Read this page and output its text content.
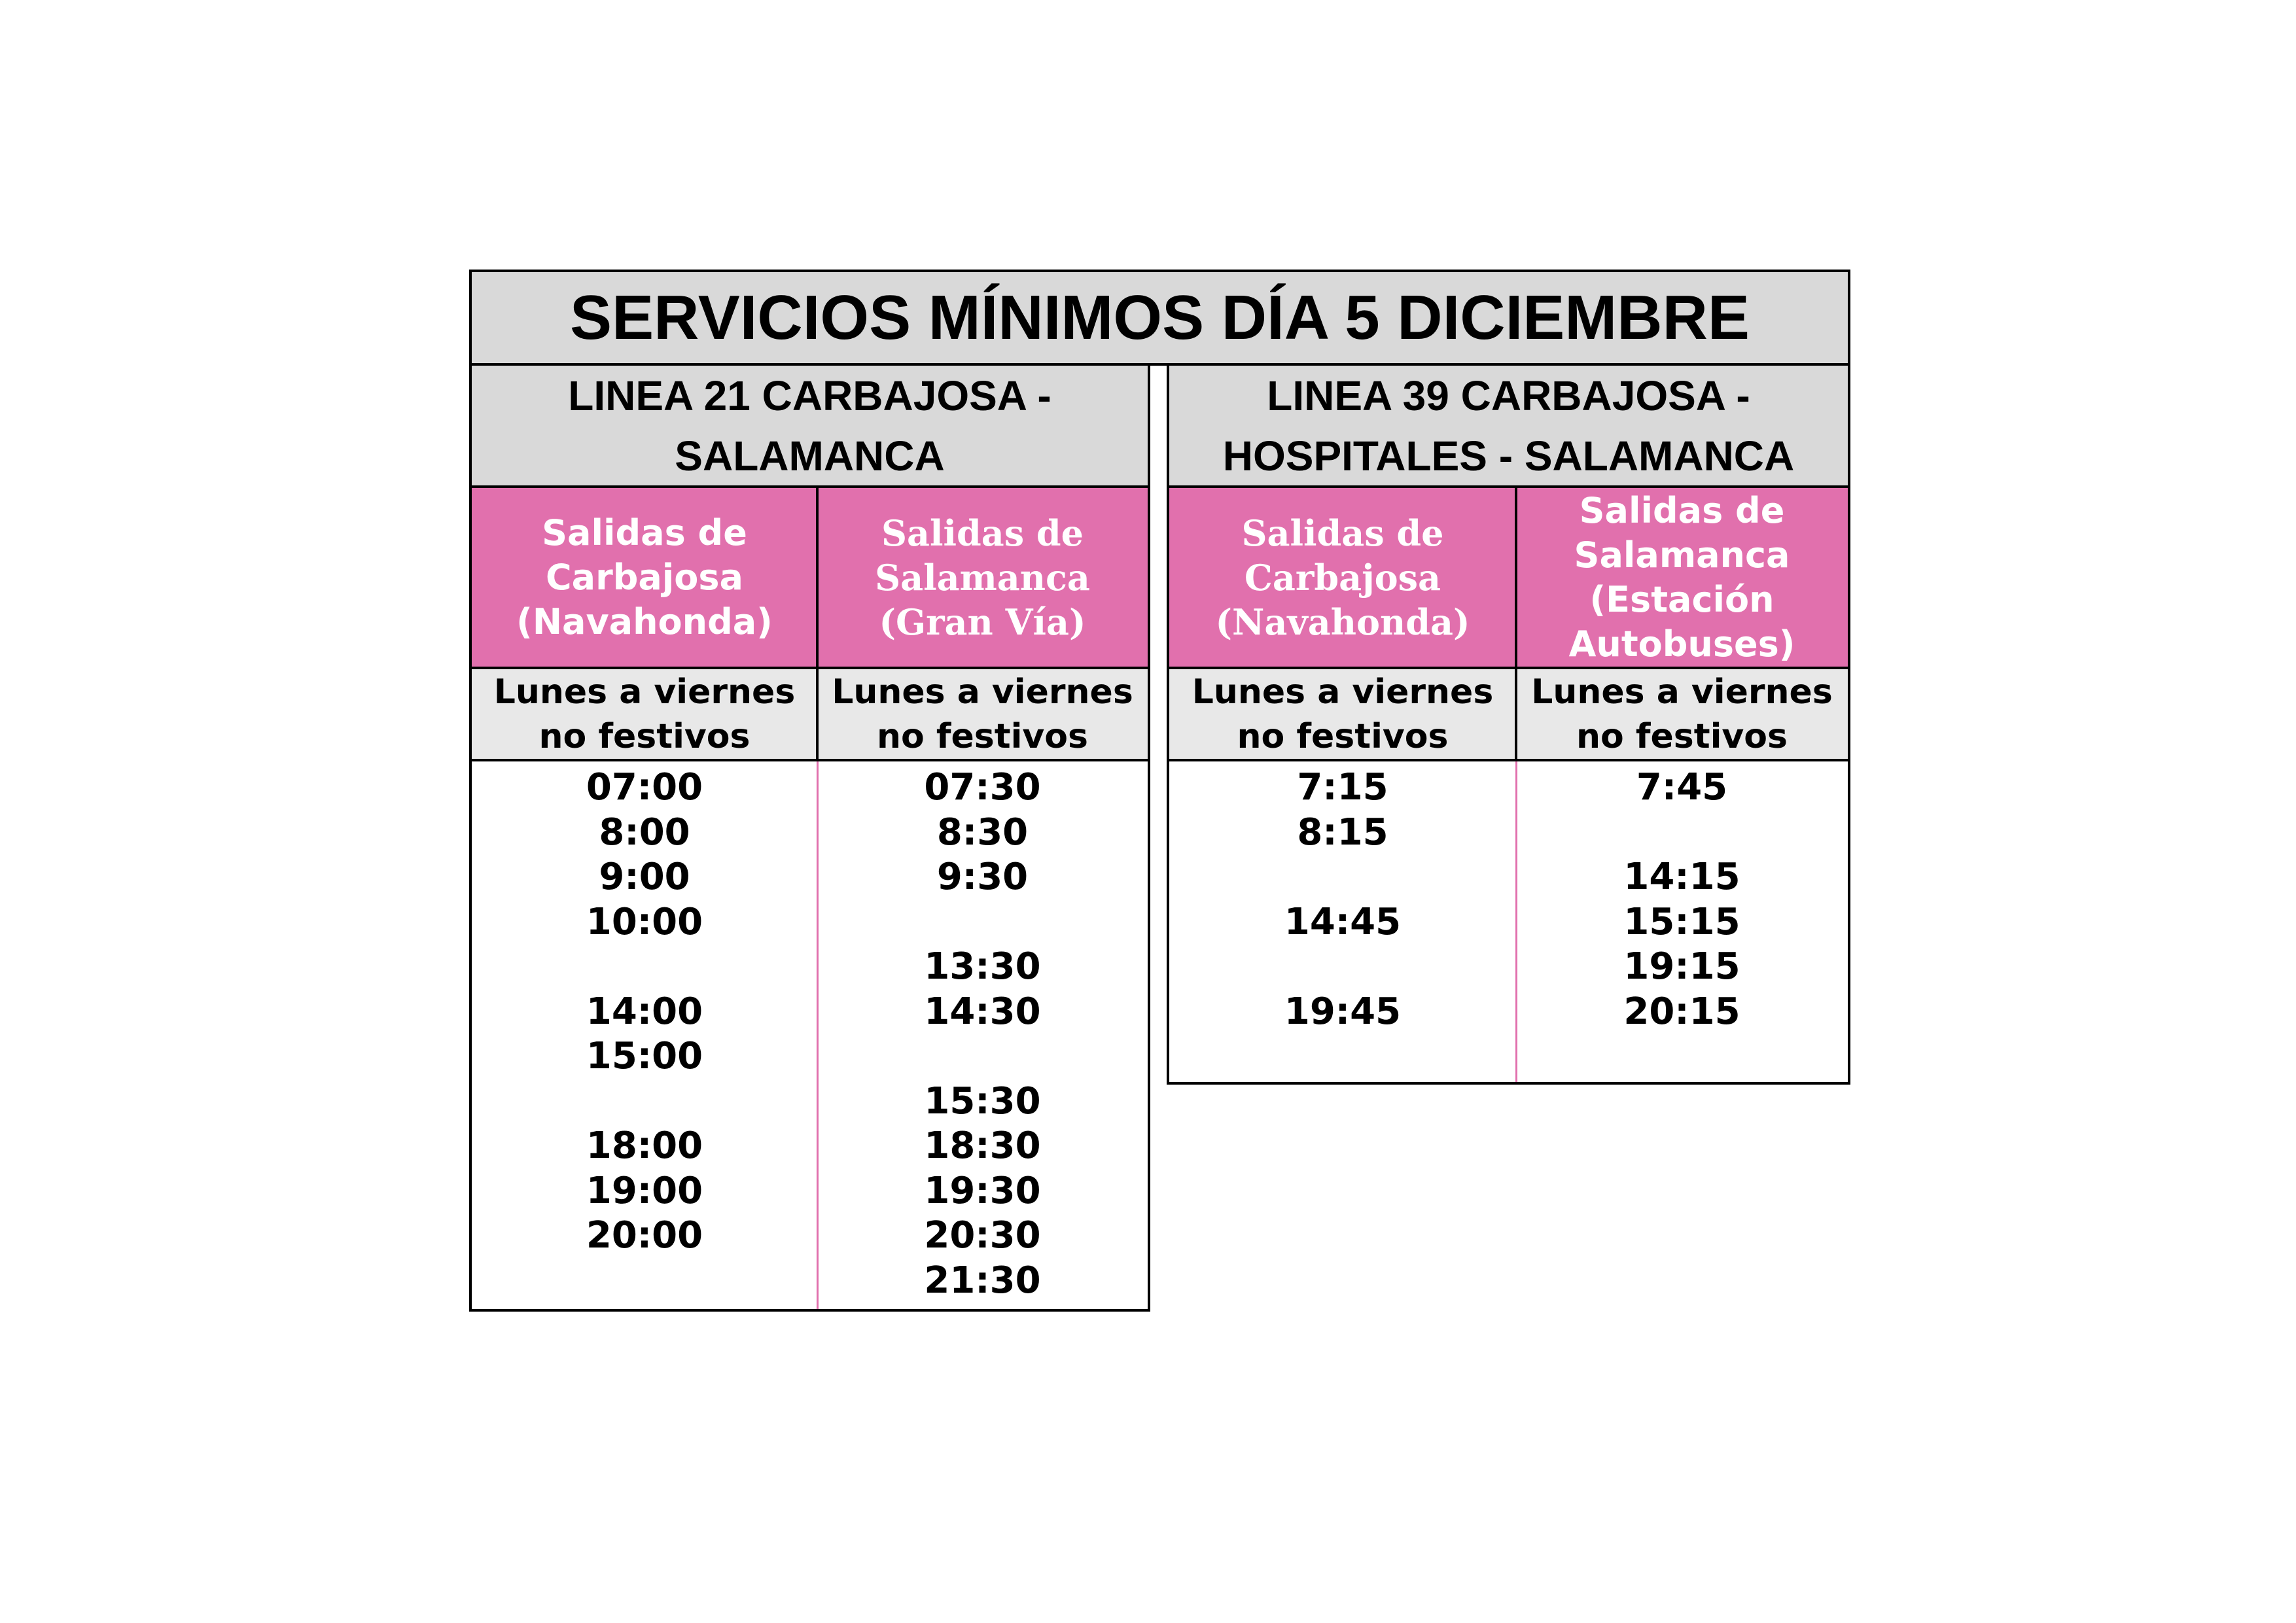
SERVICIOS MÍNIMOS DÍA 5 DICIEMBRE
LINEA 21 CARBAJOSA - SALAMANCA
Salidas de
Carbajosa
(Navahonda)
Salidas de
Salamanca
(Gran Vía)
Lunes a viernes
no festivos
Lunes a viernes
no festivos
07:00
8:00
9:00
10:00
14:00
15:00
18:00
19:00
20:00
07:30
8:30
9:30
13:30
14:30
15:30
18:30
19:30
20:30
21:30
LINEA 39 CARBAJOSA - HOSPITALES - SALAMANCA
Salidas de
Carbajosa
(Navahonda)
Salidas de
Salamanca
(Estación
Autobuses)
Lunes a viernes
no festivos
Lunes a viernes
no festivos
7:15
8:15
14:45
19:45
7:45
14:15
15:15
19:15
20:15
